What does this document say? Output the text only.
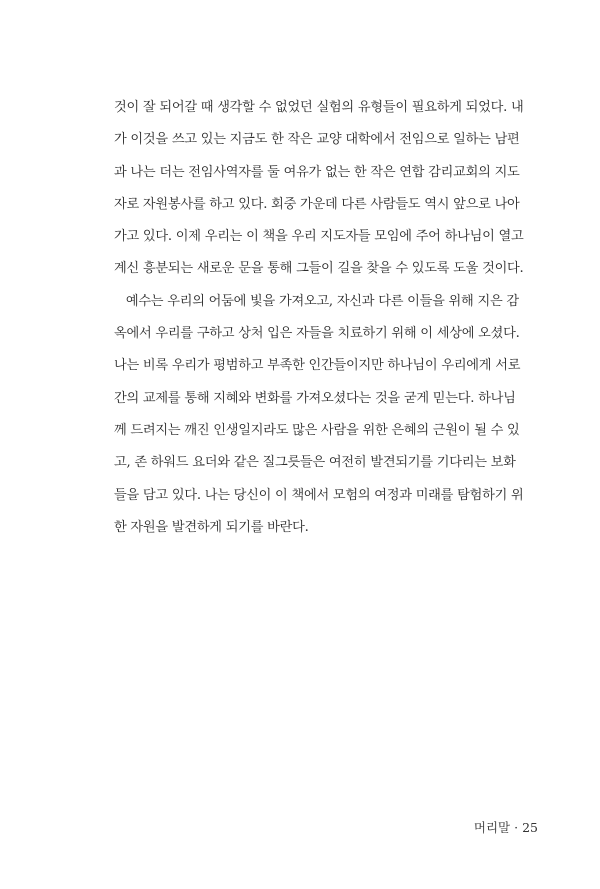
것이 잘 되어갈 때 생각할 수 없었던 실험의 유형들이 필요하게 되었다. 내
가 이것을 쓰고 있는 지금도 한 작은 교양 대학에서 전임으로 일하는 남편
과 나는 더는 전임사역자를 둘 여유가 없는 한 작은 연합 감리교회의 지도
자로 자원봉사를 하고 있다. 회중 가운데 다른 사람들도 역시 앞으로 나아
가고 있다. 이제 우리는 이 책을 우리 지도자들 모임에 주어 하나님이 열고
계신 흥분되는 새로운 문을 통해 그들이 길을 찾을 수 있도록 도울 것이다.
예수는 우리의 어둠에 빛을 가져오고, 자신과 다른 이들을 위해 지은 감
옥에서 우리를 구하고 상처 입은 자들을 치료하기 위해 이 세상에 오셨다.
나는 비록 우리가 평범하고 부족한 인간들이지만 하나님이 우리에게 서로
간의 교제를 통해 지혜와 변화를 가져오셨다는 것을 굳게 믿는다. 하나님
께 드려지는 깨진 인생일지라도 많은 사람을 위한 은혜의 근원이 될 수 있
고, 존 하워드 요더와 같은 질그릇들은 여전히 발견되기를 기다리는 보화
들을 담고 있다. 나는 당신이 이 책에서 모험의 여정과 미래를 탐험하기 위
한 자원을 발견하게 되기를 바란다.
머리말 · 25
